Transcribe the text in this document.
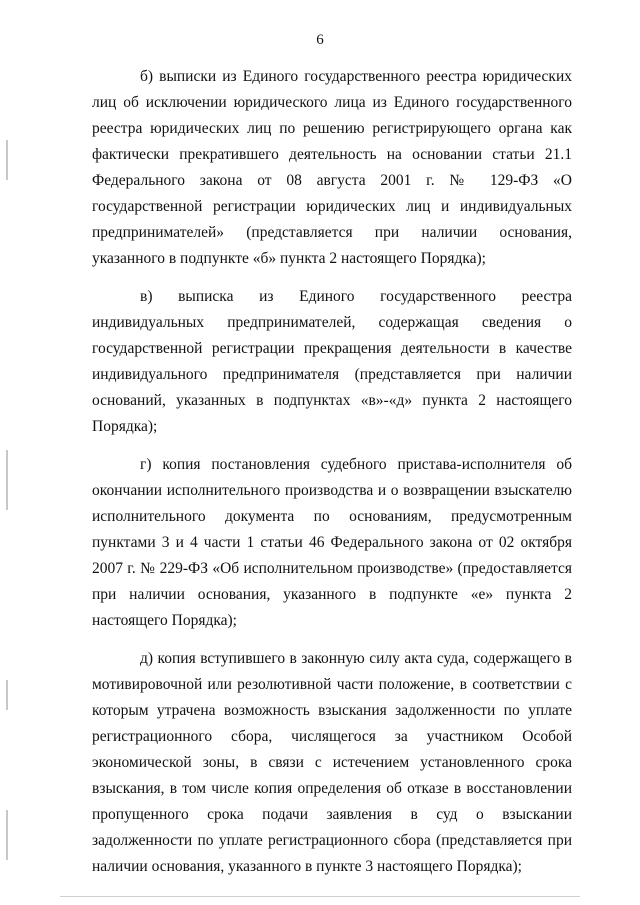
6

б) выписки из Единого государственного реестра юридических лиц об исключении юридического лица из Единого государственного реестра юридических лиц по решению регистрирующего органа как фактически прекратившего деятельность на основании статьи 21.1 Федерального закона от 08 августа 2001 г. № 129-ФЗ «О государственной регистрации юридических лиц и индивидуальных предпринимателей» (представляется при наличии основания, указанного в подпункте «б» пункта 2 настоящего Порядка);

в) выписка из Единого государственного реестра индивидуальных предпринимателей, содержащая сведения о государственной регистрации прекращения деятельности в качестве индивидуального предпринимателя (представляется при наличии оснований, указанных в подпунктах «в»-«д» пункта 2 настоящего Порядка);

г) копия постановления судебного пристава-исполнителя об окончании исполнительного производства и о возвращении взыскателю исполнительного документа по основаниям, предусмотренным пунктами 3 и 4 части 1 статьи 46 Федерального закона от 02 октября 2007 г. № 229-ФЗ «Об исполнительном производстве» (предоставляется при наличии основания, указанного в подпункте «е» пункта 2 настоящего Порядка);

д) копия вступившего в законную силу акта суда, содержащего в мотивировочной или резолютивной части положение, в соответствии с которым утрачена возможность взыскания задолженности по уплате регистрационного сбора, числящегося за участником Особой экономической зоны, в связи с истечением установленного срока взыскания, в том числе копия определения об отказе в восстановлении пропущенного срока подачи заявления в суд о взыскании задолженности по уплате регистрационного сбора (представляется при наличии основания, указанного в пункте 3 настоящего Порядка);
